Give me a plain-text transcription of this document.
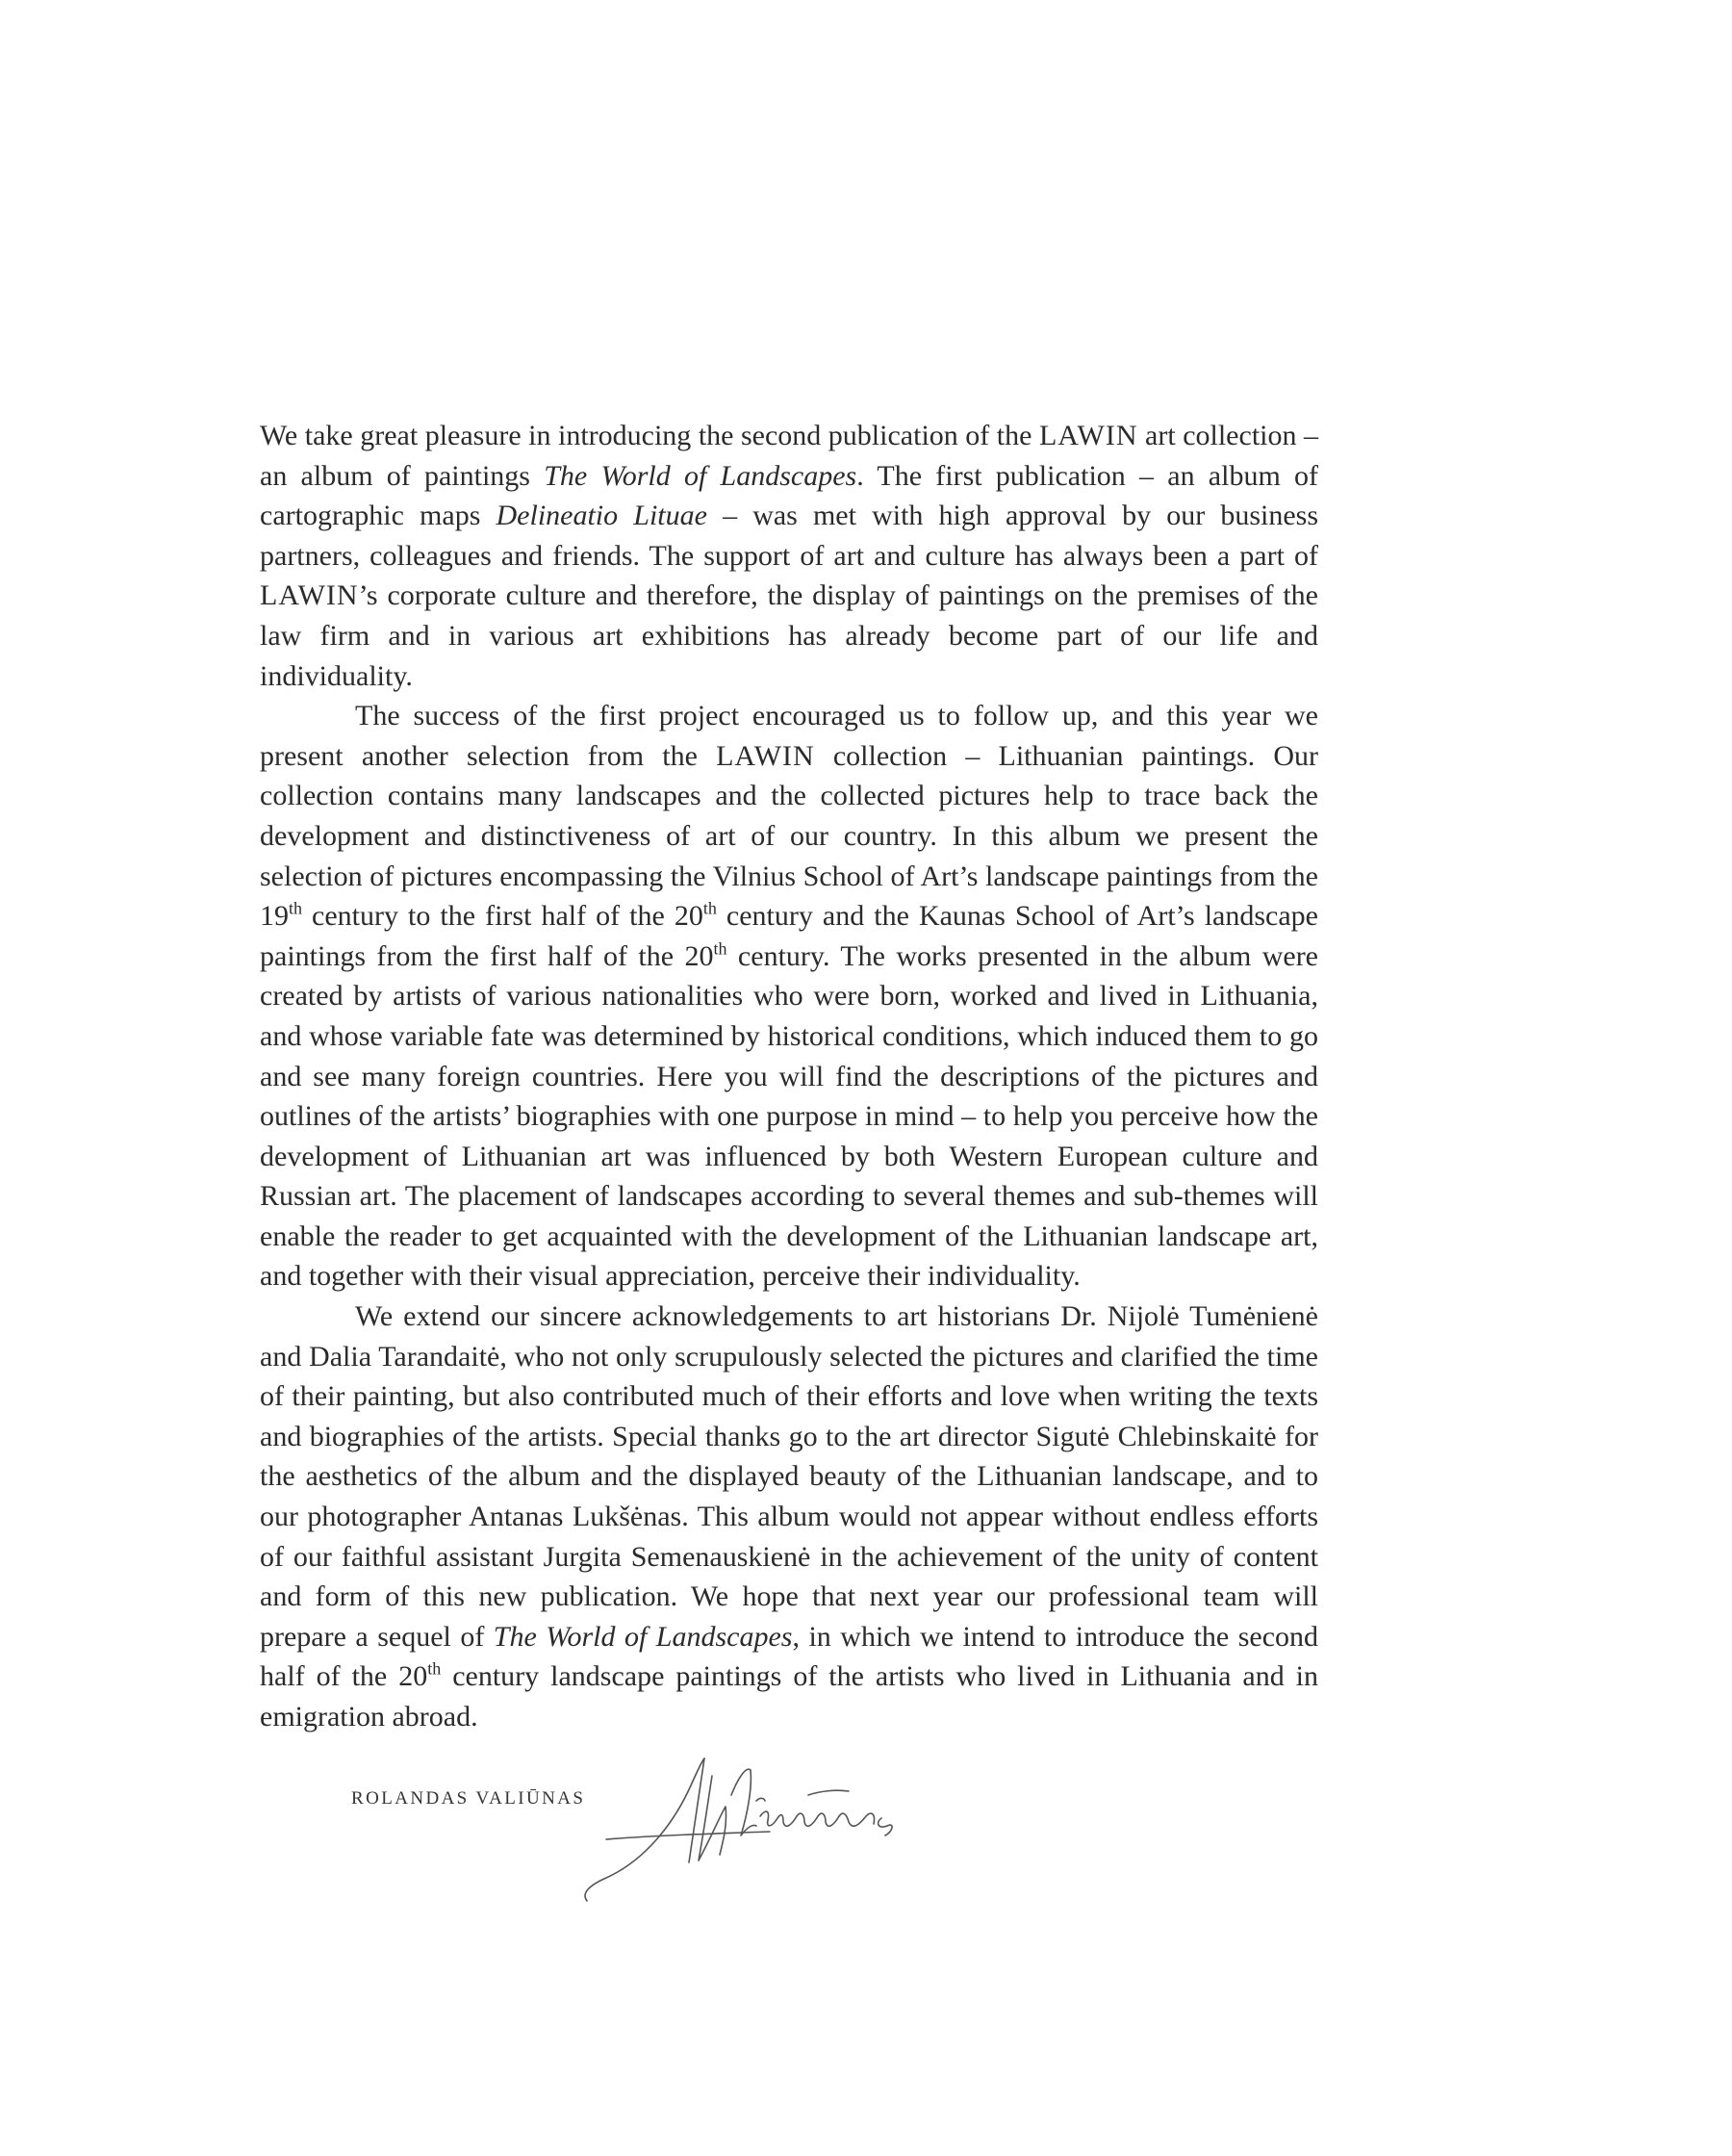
We take great pleasure in introducing the second publication of the LAWIN art collection – an album of paintings The World of Landscapes. The first publication – an album of cartographic maps Delineatio Lituae – was met with high approval by our business partners, colleagues and friends. The support of art and culture has always been a part of LAWIN’s corporate culture and therefore, the display of paintings on the premises of the law firm and in various art exhibitions has already become part of our life and individuality.

The success of the first project encouraged us to follow up, and this year we present another selection from the LAWIN collection – Lithuanian paintings. Our collection contains many landscapes and the collected pictures help to trace back the development and distinctiveness of art of our country. In this album we present the selection of pictures encompassing the Vilnius School of Art’s landscape paintings from the 19th century to the first half of the 20th century and the Kaunas School of Art’s landscape paintings from the first half of the 20th century. The works presented in the album were created by artists of various nationalities who were born, worked and lived in Lithuania, and whose variable fate was determined by historical conditions, which induced them to go and see many foreign countries. Here you will find the descriptions of the pictures and outlines of the artists’ biographies with one purpose in mind – to help you perceive how the development of Lithuanian art was influenced by both Western European culture and Russian art. The placement of landscapes according to several themes and sub-themes will enable the reader to get acquainted with the development of the Lithuanian landscape art, and together with their visual appreciation, perceive their individuality.

We extend our sincere acknowledgements to art historians Dr. Nijolė Tumėnienė and Dalia Tarandaitė, who not only scrupulously selected the pictures and clarified the time of their painting, but also contributed much of their efforts and love when writing the texts and biographies of the artists. Special thanks go to the art director Sigutė Chlebinskaitė for the aesthetics of the album and the displayed beauty of the Lithuanian landscape, and to our photographer Antanas Lukšėnas. This album would not appear without endless efforts of our faithful assistant Jurgita Semenauskienė in the achievement of the unity of content and form of this new publication. We hope that next year our professional team will prepare a sequel of The World of Landscapes, in which we intend to introduce the second half of the 20th century landscape paintings of the artists who lived in Lithuania and in emigration abroad.

ROLANDAS VALIŪNAS
